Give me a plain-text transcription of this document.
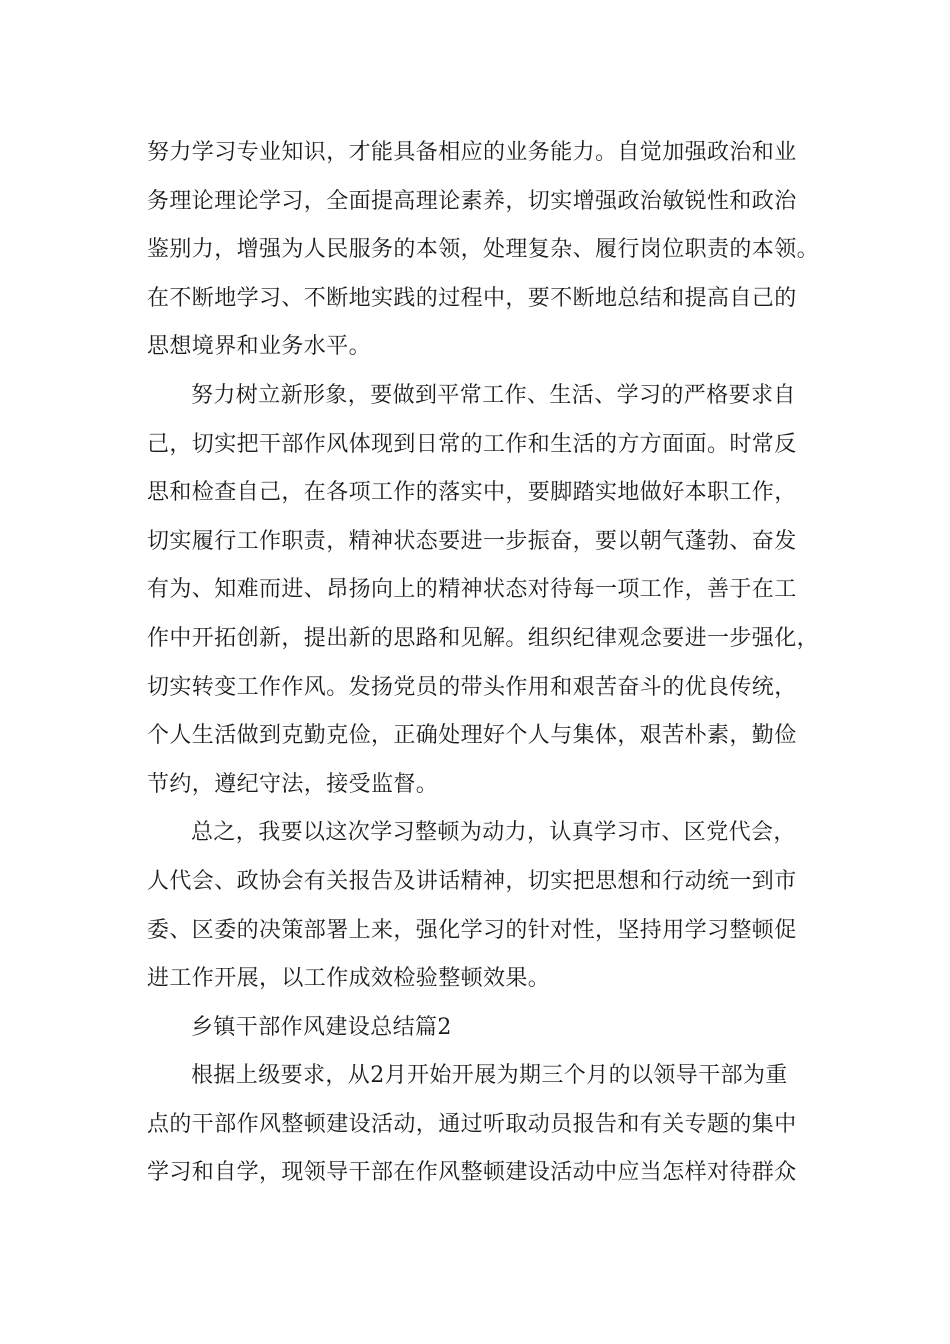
努力学习专业知识，才能具备相应的业务能力。自觉加强政治和业
务理论理论学习，全面提高理论素养，切实增强政治敏锐性和政治
鉴别力，增强为人民服务的本领，处理复杂、履行岗位职责的本领。
在不断地学习、不断地实践的过程中，要不断地总结和提高自己的
思想境界和业务水平。
努力树立新形象，要做到平常工作、生活、学习的严格要求自
己，切实把干部作风体现到日常的工作和生活的方方面面。时常反
思和检查自己，在各项工作的落实中，要脚踏实地做好本职工作，
切实履行工作职责，精神状态要进一步振奋，要以朝气蓬勃、奋发
有为、知难而进、昂扬向上的精神状态对待每一项工作，善于在工
作中开拓创新，提出新的思路和见解。组织纪律观念要进一步强化，
切实转变工作作风。发扬党员的带头作用和艰苦奋斗的优良传统，
个人生活做到克勤克俭，正确处理好个人与集体，艰苦朴素，勤俭
节约，遵纪守法，接受监督。
总之，我要以这次学习整顿为动力，认真学习市、区党代会，
人代会、政协会有关报告及讲话精神，切实把思想和行动统一到市
委、区委的决策部署上来，强化学习的针对性，坚持用学习整顿促
进工作开展，以工作成效检验整顿效果。
乡镇干部作风建设总结篇2
根据上级要求，从2月开始开展为期三个月的以领导干部为重
点的干部作风整顿建设活动，通过听取动员报告和有关专题的集中
学习和自学，现领导干部在作风整顿建设活动中应当怎样对待群众
